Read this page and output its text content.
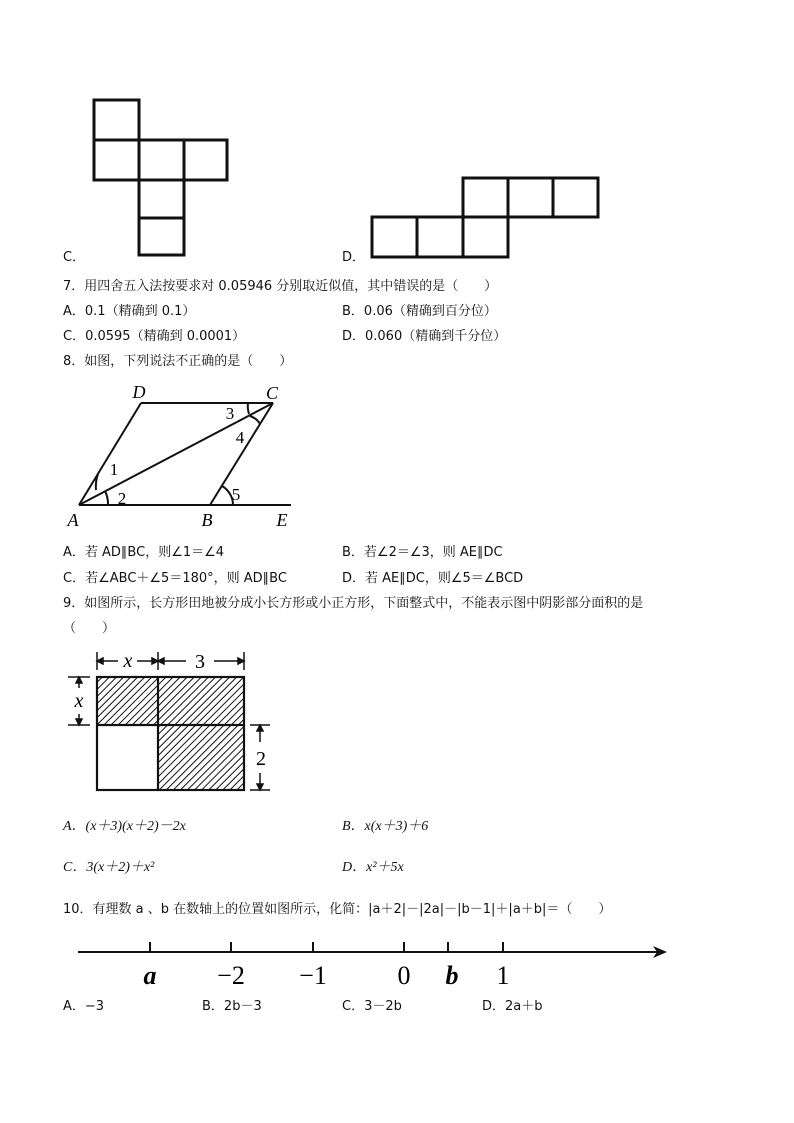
C．	D．
7．用四舍五入法按要求对 0.05946 分别取近似值，其中错误的是（　　）
A．0.1（精确到 0.1）	B．0.06（精确到百分位）
C．0.0595（精确到 0.0001）	D．0.060（精确到千分位）
8．如图，下列说法不正确的是（　　）
D	C
A	B	E
1
2
3
4
5
A．若 AD∥BC，则∠1＝∠4	B．若∠2＝∠3，则 AE∥DC
C．若∠ABC＋∠5＝180°，则 AD∥BC	D．若 AE∥DC，则∠5＝∠BCD
9．如图所示，长方形田地被分成小长方形或小正方形，下面整式中，不能表示图中阴影部分面积的是
（　　）
x	3
x
2
A．(x＋3)(x＋2)－2x	B．x(x＋3)＋6
C．3(x＋2)＋x²	D．x²＋5x
10．有理数 a 、b 在数轴上的位置如图所示，化简：|a＋2|－|2a|－|b－1|＋|a＋b|＝（　　）
a −2 −1	0 b 1
A．−3	B．2b－3	C．3－2b	D．2a＋b
